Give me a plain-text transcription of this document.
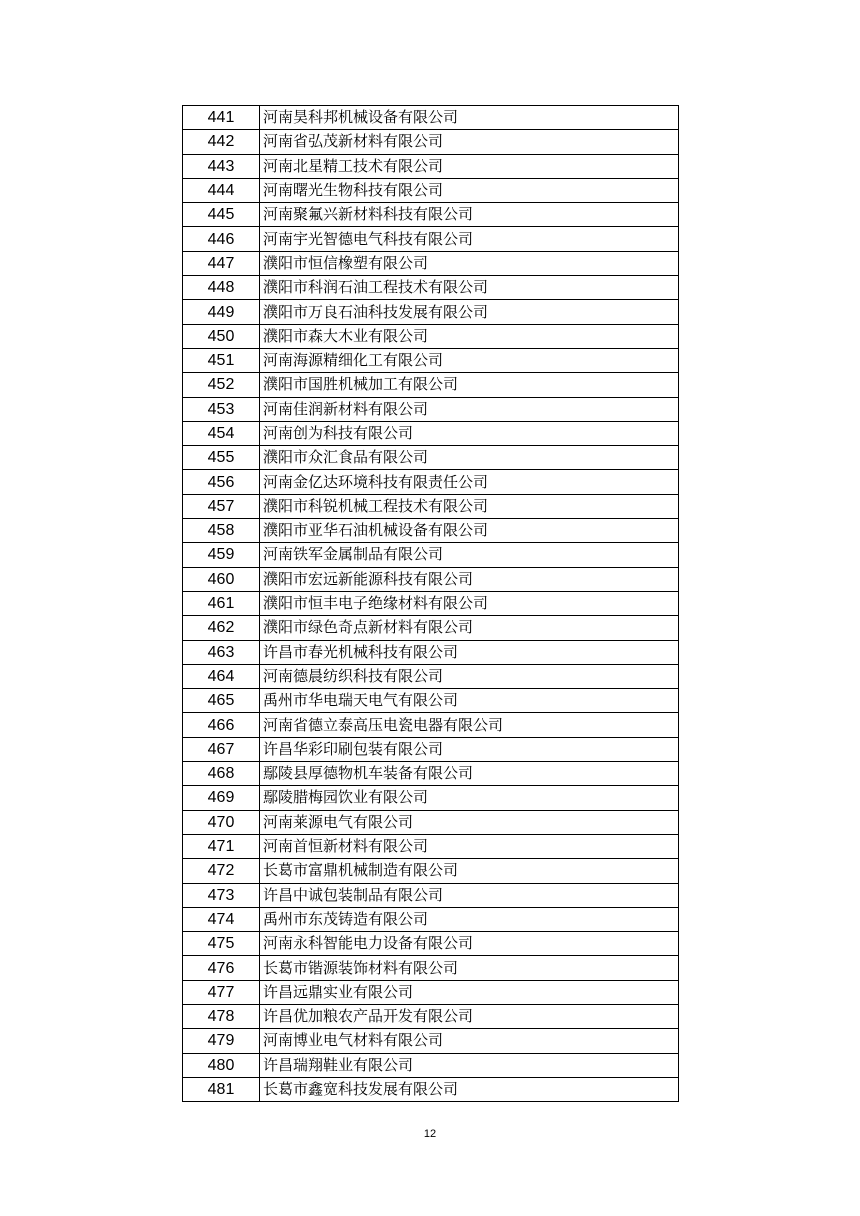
441	河南昊科邦机械设备有限公司
442	河南省弘茂新材料有限公司
443	河南北星精工技术有限公司
444	河南曙光生物科技有限公司
445	河南聚氟兴新材料科技有限公司
446	河南宇光智德电气科技有限公司
447	濮阳市恒信橡塑有限公司
448	濮阳市科润石油工程技术有限公司
449	濮阳市万良石油科技发展有限公司
450	濮阳市森大木业有限公司
451	河南海源精细化工有限公司
452	濮阳市国胜机械加工有限公司
453	河南佳润新材料有限公司
454	河南创为科技有限公司
455	濮阳市众汇食品有限公司
456	河南金亿达环境科技有限责任公司
457	濮阳市科锐机械工程技术有限公司
458	濮阳市亚华石油机械设备有限公司
459	河南铁军金属制品有限公司
460	濮阳市宏远新能源科技有限公司
461	濮阳市恒丰电子绝缘材料有限公司
462	濮阳市绿色奇点新材料有限公司
463	许昌市春光机械科技有限公司
464	河南德晨纺织科技有限公司
465	禹州市华电瑞天电气有限公司
466	河南省德立泰高压电瓷电器有限公司
467	许昌华彩印刷包装有限公司
468	鄢陵县厚德物机车装备有限公司
469	鄢陵腊梅园饮业有限公司
470	河南莱源电气有限公司
471	河南首恒新材料有限公司
472	长葛市富鼎机械制造有限公司
473	许昌中诚包装制品有限公司
474	禹州市东茂铸造有限公司
475	河南永科智能电力设备有限公司
476	长葛市锴源装饰材料有限公司
477	许昌远鼎实业有限公司
478	许昌优加粮农产品开发有限公司
479	河南博业电气材料有限公司
480	许昌瑞翔鞋业有限公司
481	长葛市鑫宽科技发展有限公司
12
